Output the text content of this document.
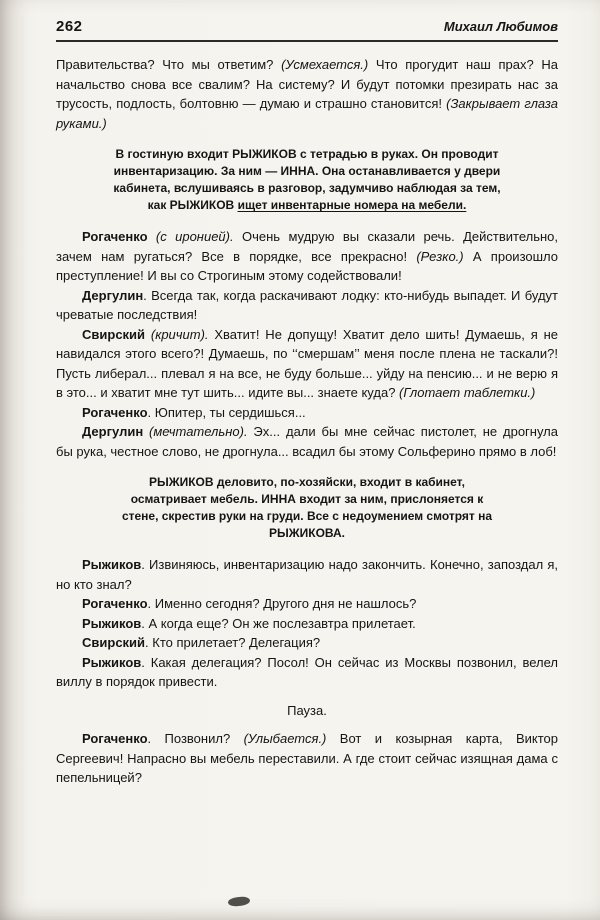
262	Михаил Любимов

Правительства? Что мы ответим? (Усмехается.) Что прогудит наш прах? На начальство снова все свалим? На систему? И будут потомки презирать нас за трусость, подлость, болтовню — думаю и страшно становится! (Закрывает глаза руками.)

В гостиную входит РЫЖИКОВ с тетрадью в руках. Он проводит инвентаризацию. За ним — ИННА. Она останавливается у двери кабинета, вслушиваясь в разговор, задумчиво наблюдая за тем, как РЫЖИКОВ ищет инвентарные номера на мебели.

Рогаченко (с иронией). Очень мудрую вы сказали речь. Действительно, зачем нам ругаться? Все в порядке, все прекрасно! (Резко.) А произошло преступление! И вы со Строгиным этому содействовали!

Дергулин. Всегда так, когда раскачивают лодку: кто-нибудь выпадет. И будут чреватые последствия!

Свирский (кричит). Хватит! Не допущу! Хватит дело шить! Думаешь, я не навидался этого всего?! Думаешь, по ‘‘смершам’’ меня после плена не таскали?! Пусть либерал... плевал я на все, не буду больше... уйду на пенсию... и не верю я в это... и хватит мне тут шить... идите вы... знаете куда? (Глотает таблетки.)

Рогаченко. Юпитер, ты сердишься...

Дергулин (мечтательно). Эх... дали бы мне сейчас пистолет, не дрогнула бы рука, честное слово, не дрогнула... всадил бы этому Сольферино прямо в лоб!

РЫЖИКОВ деловито, по-хозяйски, входит в кабинет, осматривает мебель. ИННА входит за ним, прислоняется к стене, скрестив руки на груди. Все с недоумением смотрят на РЫЖИКОВА.

Рыжиков. Извиняюсь, инвентаризацию надо закончить. Конечно, запоздал я, но кто знал?

Рогаченко. Именно сегодня? Другого дня не нашлось?

Рыжиков. А когда еще? Он же послезавтра прилетает.

Свирский. Кто прилетает? Делегация?

Рыжиков. Какая делегация? Посол! Он сейчас из Москвы позвонил, велел виллу в порядок привести.

Пауза.

Рогаченко. Позвонил? (Улыбается.) Вот и козырная карта, Виктор Сергеевич! Напрасно вы мебель переставили. А где стоит сейчас изящная дама с пепельницей?
